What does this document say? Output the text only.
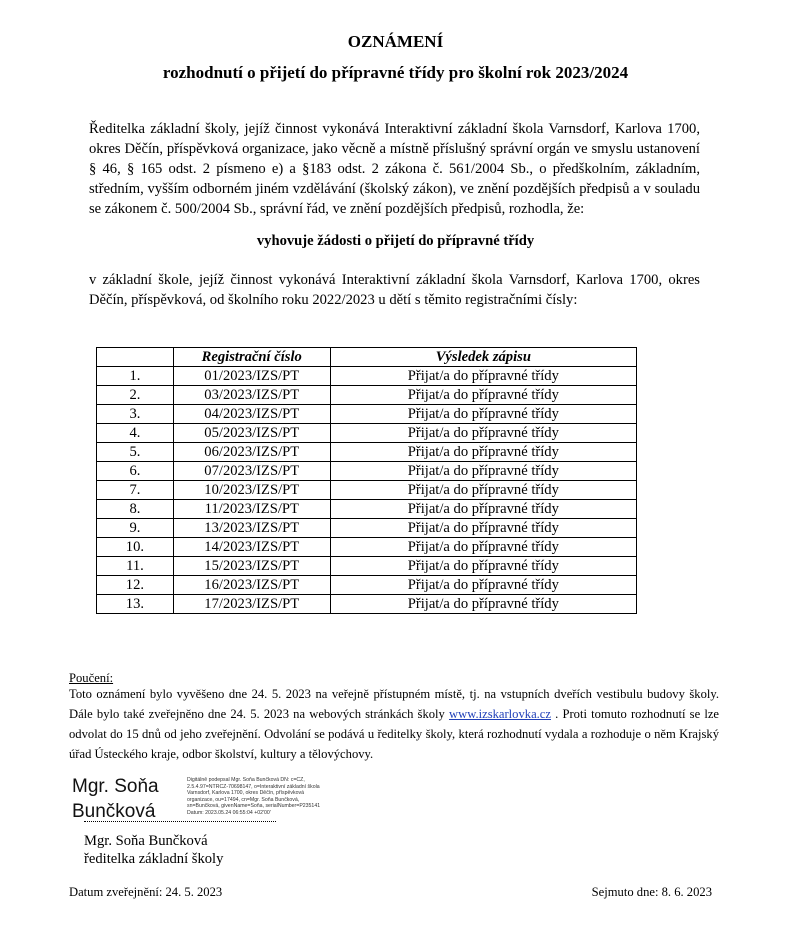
OZNÁMENÍ
rozhodnutí o přijetí do přípravné třídy pro školní rok 2023/2024
Ředitelka základní školy, jejíž činnost vykonává Interaktivní základní škola Varnsdorf, Karlova 1700, okres Děčín, příspěvková organizace, jako věcně a místně příslušný správní orgán ve smyslu ustanovení § 46, § 165 odst. 2 písmeno e) a §183 odst. 2 zákona č. 561/2004 Sb., o předškolním, základním, středním, vyšším odborném jiném vzdělávání (školský zákon), ve znění pozdějších předpisů a v souladu se zákonem č. 500/2004 Sb., správní řád, ve znění pozdějších předpisů, rozhodla, že:
vyhovuje žádosti o přijetí do přípravné třídy
v základní škole, jejíž činnost vykonává Interaktivní základní škola Varnsdorf, Karlova 1700, okres Děčín, příspěvková, od školního roku 2022/2023 u dětí s těmito registračními čísly:
	Registrační číslo	Výsledek zápisu
1.	01/2023/IZS/PT	Přijat/a do přípravné třídy
2.	03/2023/IZS/PT	Přijat/a do přípravné třídy
3.	04/2023/IZS/PT	Přijat/a do přípravné třídy
4.	05/2023/IZS/PT	Přijat/a do přípravné třídy
5.	06/2023/IZS/PT	Přijat/a do přípravné třídy
6.	07/2023/IZS/PT	Přijat/a do přípravné třídy
7.	10/2023/IZS/PT	Přijat/a do přípravné třídy
8.	11/2023/IZS/PT	Přijat/a do přípravné třídy
9.	13/2023/IZS/PT	Přijat/a do přípravné třídy
10.	14/2023/IZS/PT	Přijat/a do přípravné třídy
11.	15/2023/IZS/PT	Přijat/a do přípravné třídy
12.	16/2023/IZS/PT	Přijat/a do přípravné třídy
13.	17/2023/IZS/PT	Přijat/a do přípravné třídy
Poučení:
Toto oznámení bylo vyvěšeno dne 24. 5. 2023 na veřejně přístupném místě, tj. na vstupních dveřích vestibulu budovy školy. Dále bylo také zveřejněno dne 24. 5. 2023 na webových stránkách školy www.izskarlovka.cz . Proti tomuto rozhodnutí se lze odvolat do 15 dnů od jeho zveřejnění. Odvolání se podává u ředitelky školy, která rozhodnutí vydala a rozhoduje o něm Krajský úřad Ústeckého kraje, odbor školství, kultury a tělovýchovy.
Mgr. Soňa
Bunčková
Digitálně podepsal Mgr. Soňa Bunčková DN: c=CZ, 2.5.4.97=NTRCZ-70698147, o=Interaktivní základní škola Varnsdorf, Karlova 1700, okres Děčín, příspěvková organizace, ou=17494, cn=Mgr. Soňa Bunčková, sn=Bunčková, givenName=Soňa, serialNumber=P235141 Datum: 2023.05.24 06:55:04 +02'00'
Mgr. Soňa Bunčková
ředitelka základní školy
Datum zveřejnění: 24. 5. 2023	Sejmuto dne: 8. 6. 2023
